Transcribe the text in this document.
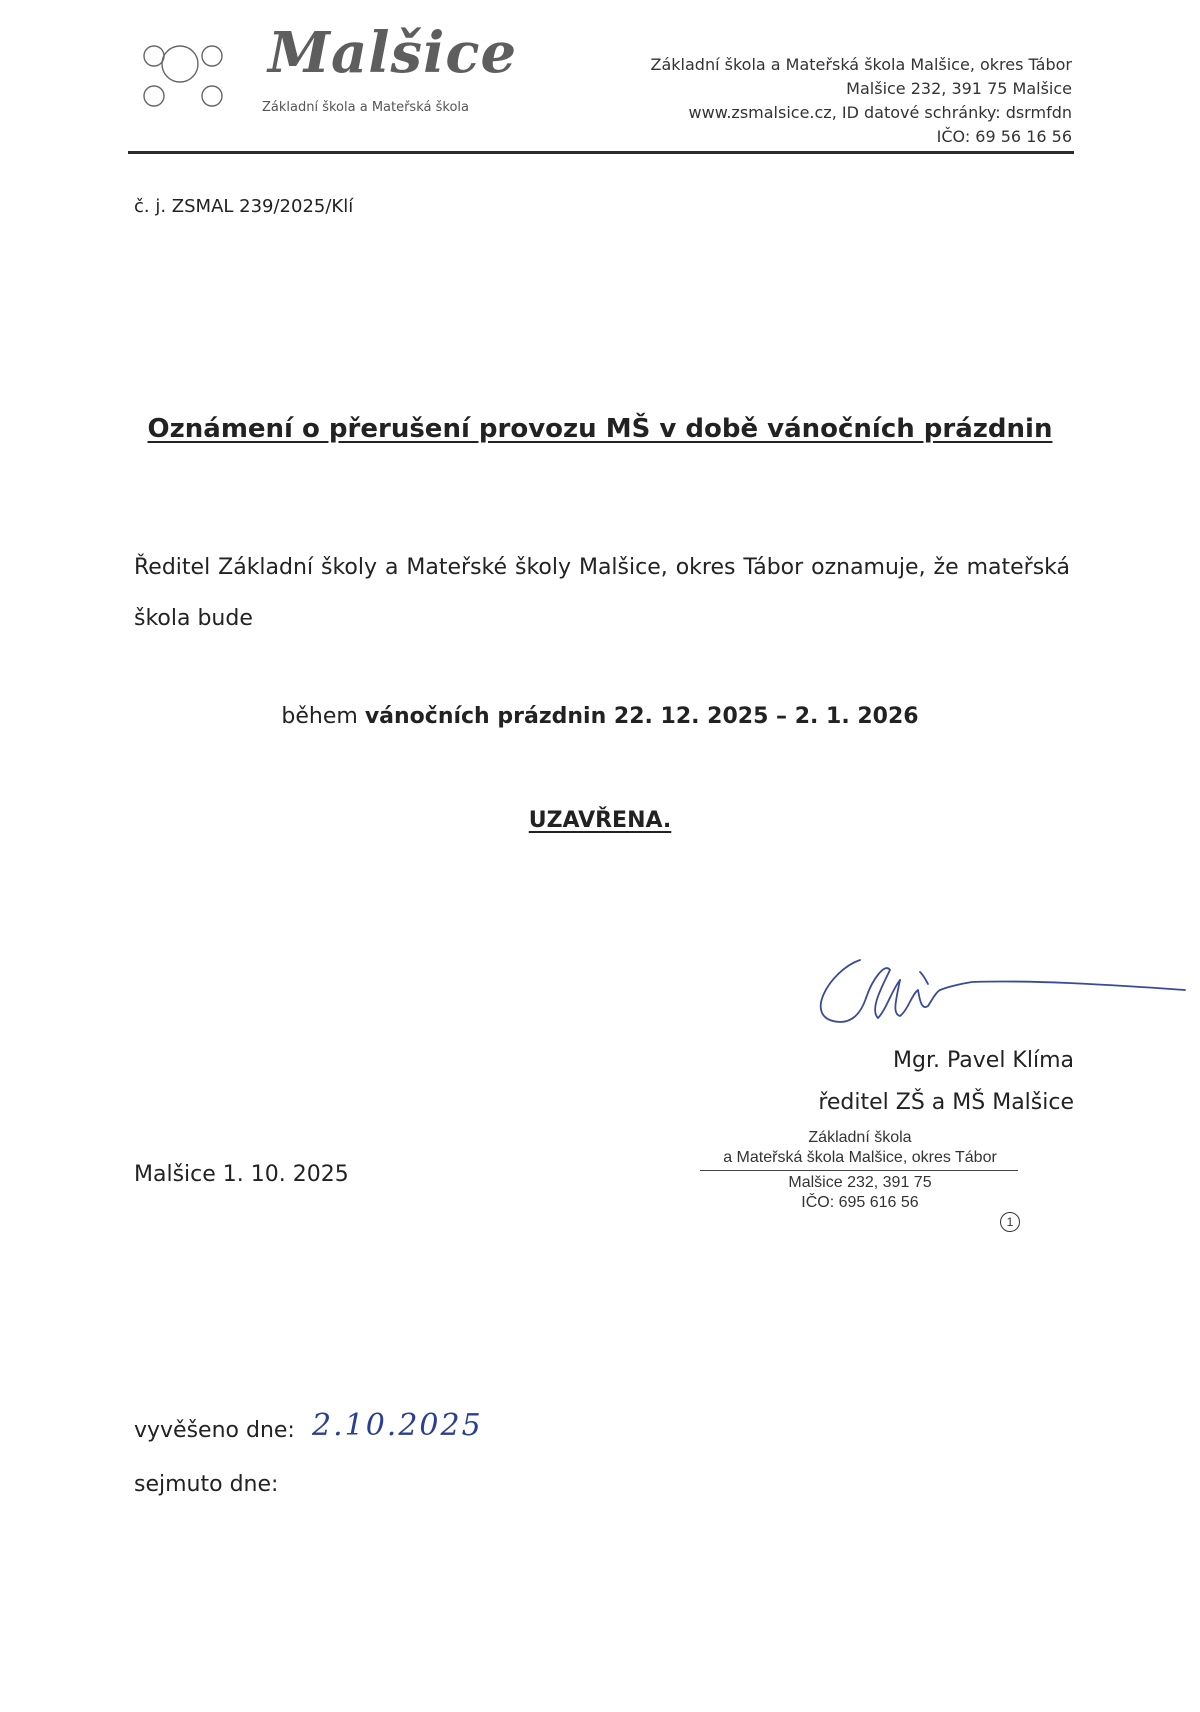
Malšice
Základní škola a Mateřská škola
Základní škola a Mateřská škola Malšice, okres Tábor
Malšice 232, 391 75 Malšice
www.zsmalsice.cz, ID datové schránky: dsrmfdn
IČO: 69 56 16 56
č. j. ZSMAL 239/2025/Klí
Oznámení o přerušení provozu MŠ v době vánočních prázdnin
Ředitel Základní školy a Mateřské školy Malšice, okres Tábor oznamuje, že mateřská škola bude
během vánočních prázdnin 22. 12. 2025 – 2. 1. 2026
UZAVŘENA.
Mgr. Pavel Klíma
ředitel ZŠ a MŠ Malšice
Malšice 1. 10. 2025
Základní škola
a Mateřská škola Malšice, okres Tábor
Malšice 232, 391 75
IČO: 695 616 56
1
vyvěšeno dne: 2.10.2025
sejmuto dne:
